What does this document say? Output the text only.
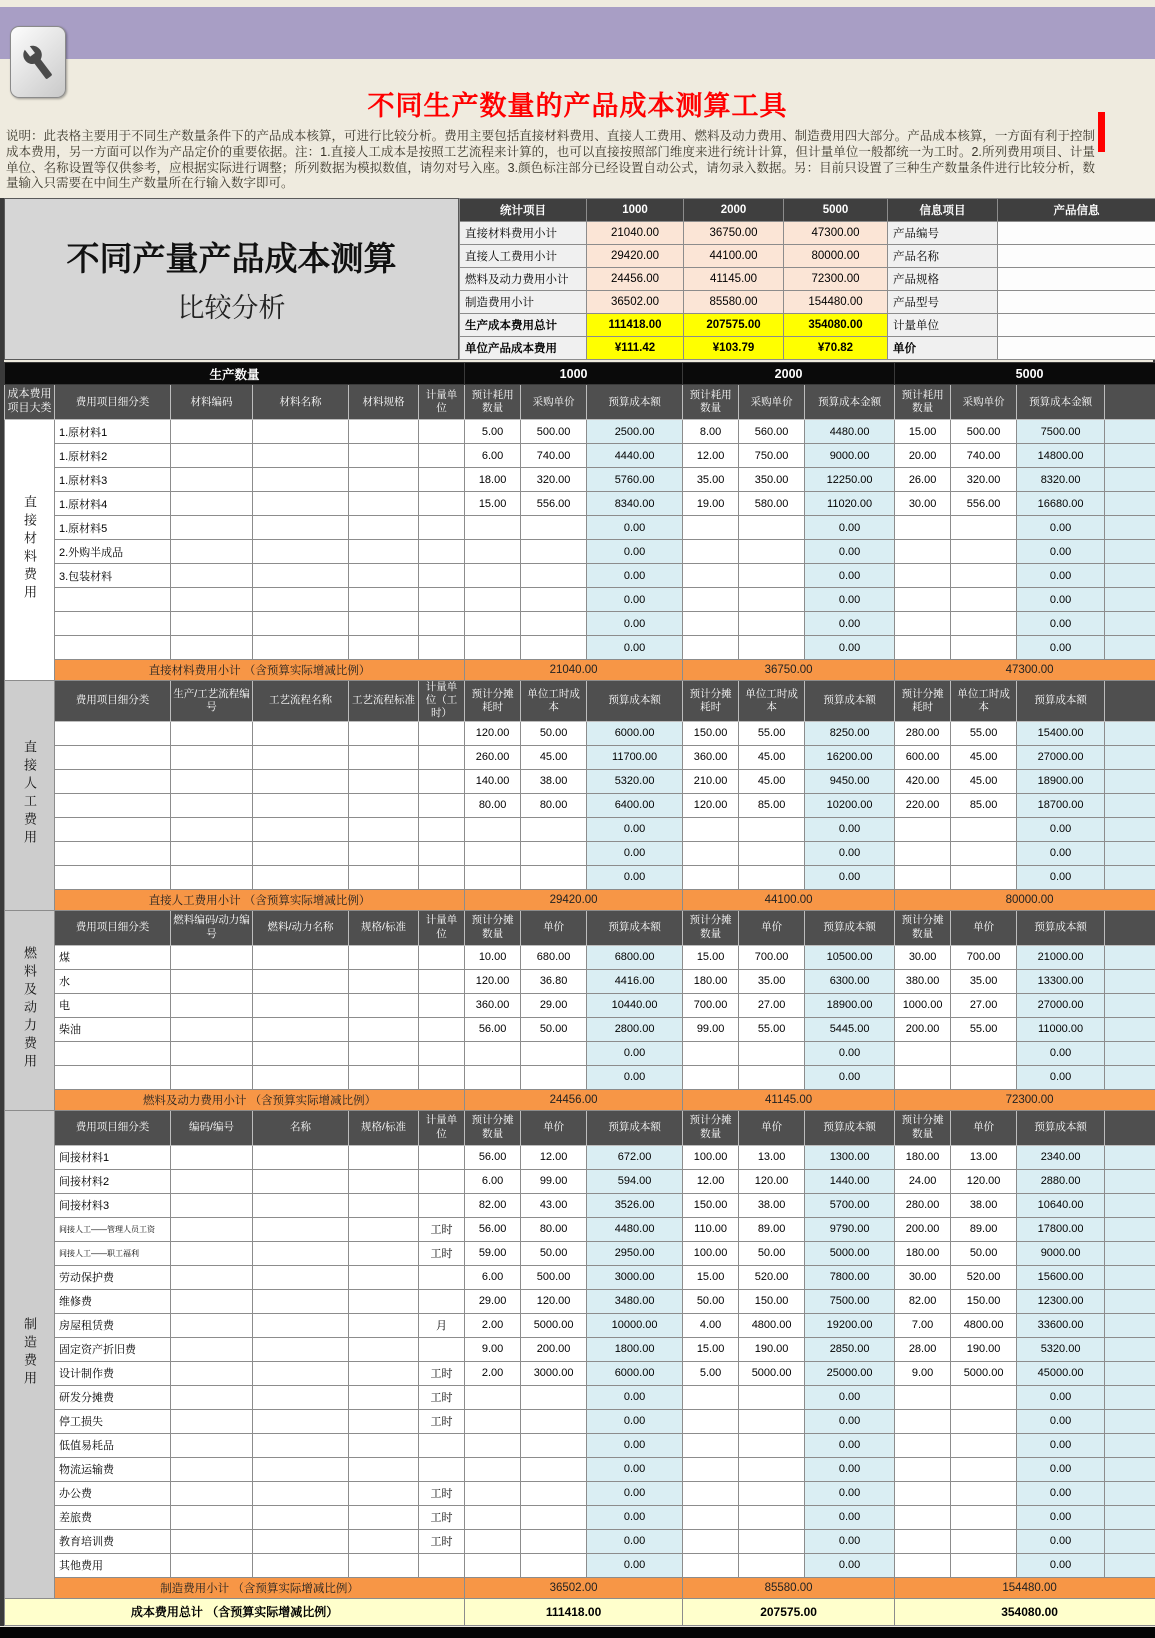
不同生产数量的产品成本测算工具
说明：此表格主要用于不同生产数量条件下的产品成本核算，可进行比较分析。费用主要包括直接材料费用、直接人工费用、燃料及动力费用、制造费用四大部分。产品成本核算，一方面有利于控制成本费用，另一方面可以作为产品定价的重要依据。注：1.直接人工成本是按照工艺流程来计算的，也可以直接按照部门维度来进行统计计算，但计量单位一般都统一为工时。2.所列费用项目、计量单位、名称设置等仅供参考，应根据实际进行调整；所列数据为模拟数值，请勿对号入座。3.颜色标注部分已经设置自动公式，请勿录入数据。另：目前只设置了三种生产数量条件进行比较分析，数量输入只需要在中间生产数量所在行输入数字即可。
不同产量产品成本测算
比较分析
统计项目	1000	2000	5000	信息项目	产品信息
直接材料费用小计	21040.00	36750.00	47300.00	产品编号	
直接人工费用小计	29420.00	44100.00	80000.00	产品名称	
燃料及动力费用小计	24456.00	41145.00	72300.00	产品规格	
制造费用小计	36502.00	85580.00	154480.00	产品型号	
生产成本费用总计	111418.00	207575.00	354080.00	计量单位	
单位产品成本费用	¥111.42	¥103.79	¥70.82	单价	
生产数量						1000			2000			5000			
成本费用项目大类	费用项目细分类	材料编码	材料名称	材料规格	计量单位	预计耗用数量	采购单价	预算成本额	预计耗用数量	采购单价	预算成本金额	预计耗用数量	采购单价	预算成本金额	
直接材料费用	1.原材料1					5.00	500.00	2500.00	8.00	560.00	4480.00	15.00	500.00	7500.00	
	1.原材料2					6.00	740.00	4440.00	12.00	750.00	9000.00	20.00	740.00	14800.00	
	1.原材料3					18.00	320.00	5760.00	35.00	350.00	12250.00	26.00	320.00	8320.00	
	1.原材料4					15.00	556.00	8340.00	19.00	580.00	11020.00	30.00	556.00	16680.00	
	1.原材料5							0.00			0.00			0.00	
	2.外购半成品							0.00			0.00			0.00	
	3.包装材料							0.00			0.00			0.00	
								0.00			0.00			0.00	
								0.00			0.00			0.00	
								0.00			0.00			0.00	
	直接材料费用小计 （含预算实际增减比例）					21040.00			36750.00			47300.00			
直接人工费用	费用项目细分类	生产/工艺流程编号	工艺流程名称	工艺流程标准	计量单位（工时）	预计分摊耗时	单位工时成本	预算成本额	预计分摊耗时	单位工时成本	预算成本额	预计分摊耗时	单位工时成本	预算成本额	
						120.00	50.00	6000.00	150.00	55.00	8250.00	280.00	55.00	15400.00	
						260.00	45.00	11700.00	360.00	45.00	16200.00	600.00	45.00	27000.00	
						140.00	38.00	5320.00	210.00	45.00	9450.00	420.00	45.00	18900.00	
						80.00	80.00	6400.00	120.00	85.00	10200.00	220.00	85.00	18700.00	
								0.00			0.00			0.00	
								0.00			0.00			0.00	
								0.00			0.00			0.00	
	直接人工费用小计 （含预算实际增减比例）					29420.00			44100.00			80000.00			
燃料及动力费用	费用项目细分类	燃料编码/动力编号	燃料/动力名称	规格/标准	计量单位	预计分摊数量	单价	预算成本额	预计分摊数量	单价	预算成本额	预计分摊数量	单价	预算成本额	
	煤					10.00	680.00	6800.00	15.00	700.00	10500.00	30.00	700.00	21000.00	
	水					120.00	36.80	4416.00	180.00	35.00	6300.00	380.00	35.00	13300.00	
	电					360.00	29.00	10440.00	700.00	27.00	18900.00	1000.00	27.00	27000.00	
	柴油					56.00	50.00	2800.00	99.00	55.00	5445.00	200.00	55.00	11000.00	
								0.00			0.00			0.00	
								0.00			0.00			0.00	
	燃料及动力费用小计 （含预算实际增减比例）					24456.00			41145.00			72300.00			
制造费用	费用项目细分类	编码/编号	名称	规格/标准	计量单位	预计分摊数量	单价	预算成本额	预计分摊数量	单价	预算成本额	预计分摊数量	单价	预算成本额	
	间接材料1					56.00	12.00	672.00	100.00	13.00	1300.00	180.00	13.00	2340.00	
	间接材料2					6.00	99.00	594.00	12.00	120.00	1440.00	24.00	120.00	2880.00	
	间接材料3					82.00	43.00	3526.00	150.00	38.00	5700.00	280.00	38.00	10640.00	
	间接人工——管理人员工资				工时	56.00	80.00	4480.00	110.00	89.00	9790.00	200.00	89.00	17800.00	
	间接人工——职工福利				工时	59.00	50.00	2950.00	100.00	50.00	5000.00	180.00	50.00	9000.00	
	劳动保护费					6.00	500.00	3000.00	15.00	520.00	7800.00	30.00	520.00	15600.00	
	维修费					29.00	120.00	3480.00	50.00	150.00	7500.00	82.00	150.00	12300.00	
	房屋租赁费				月	2.00	5000.00	10000.00	4.00	4800.00	19200.00	7.00	4800.00	33600.00	
	固定资产折旧费					9.00	200.00	1800.00	15.00	190.00	2850.00	28.00	190.00	5320.00	
	设计制作费				工时	2.00	3000.00	6000.00	5.00	5000.00	25000.00	9.00	5000.00	45000.00	
	研发分摊费				工时			0.00			0.00			0.00	
	停工损失				工时			0.00			0.00			0.00	
	低值易耗品							0.00			0.00			0.00	
	物流运输费							0.00			0.00			0.00	
	办公费				工时			0.00			0.00			0.00	
	差旅费				工时			0.00			0.00			0.00	
	教育培训费				工时			0.00			0.00			0.00	
	其他费用							0.00			0.00			0.00	
	制造费用小计 （含预算实际增减比例）					36502.00			85580.00			154480.00			
成本费用总计 （含预算实际增减比例）						111418.00			207575.00			354080.00			
